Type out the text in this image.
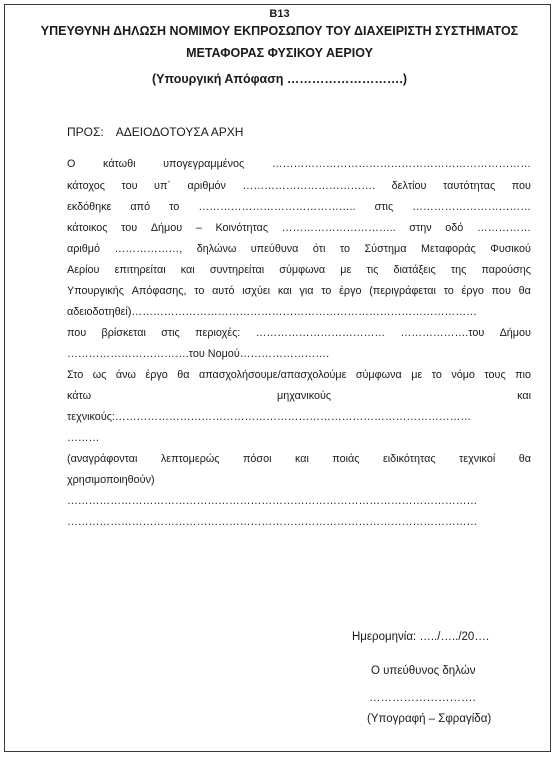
B13
ΥΠΕΥΘΥΝΗ ΔΗΛΩΣΗ ΝΟΜΙΜΟΥ ΕΚΠΡΟΣΩΠΟΥ ΤΟΥ ΔΙΑΧΕΙΡΙΣΤΗ ΣΥΣΤΗΜΑΤΟΣ
ΜΕΤΑΦΟΡΑΣ ΦΥΣΙΚΟΥ ΑΕΡΙΟΥ
(Υπουργική Απόφαση ……………………….)
ΠΡΟΣ: ΑΔΕΙΟΔΟΤΟΥΣΑ ΑΡΧΗ
Ο	κάτωθι	υπογεγραμμένος	………………………………………………………………
κάτοχος του υπ΄ αριθμόν ………………………………. δελτίου ταυτότητας που
εκδόθηκε από το …………………………………….. στις ……………………………
κάτοικος του Δήμου – Κοινότητας ………………………….. στην οδό ……………
αριθμό ………………, δηλώνω υπεύθυνα ότι το Σύστημα Μεταφοράς Φυσικού
Αερίου επιτηρείται και συντηρείται σύμφωνα με τις διατάξεις της παρούσης
Υπουργικής Απόφασης, το αυτό ισχύει και για το έργο (περιγράφεται το έργο που θα
αδειοδοτηθεί)……………………………………………………………………………………
που βρίσκεται στις περιοχές: ……………………………… ……………….του Δήμου
…………………………….του Νομού…………………….
Στο ως άνω έργο θα απασχολήσουμε/απασχολούμε σύμφωνα με το νόμο τους πιο
κάτω	μηχανικούς	και
τεχνικούς:………………………………………………………………………………………
………
(αναγράφονται λεπτομερώς πόσοι και ποιάς ειδικότητας τεχνικοί θα
χρησιμοποιηθούν)
……………………………………………………………………………………………………
……………………………………………………………………………………………………
Ημερομηνία: …../…../20….
Ο υπεύθυνος δηλών
……………………….
(Υπογραφή – Σφραγίδα)
